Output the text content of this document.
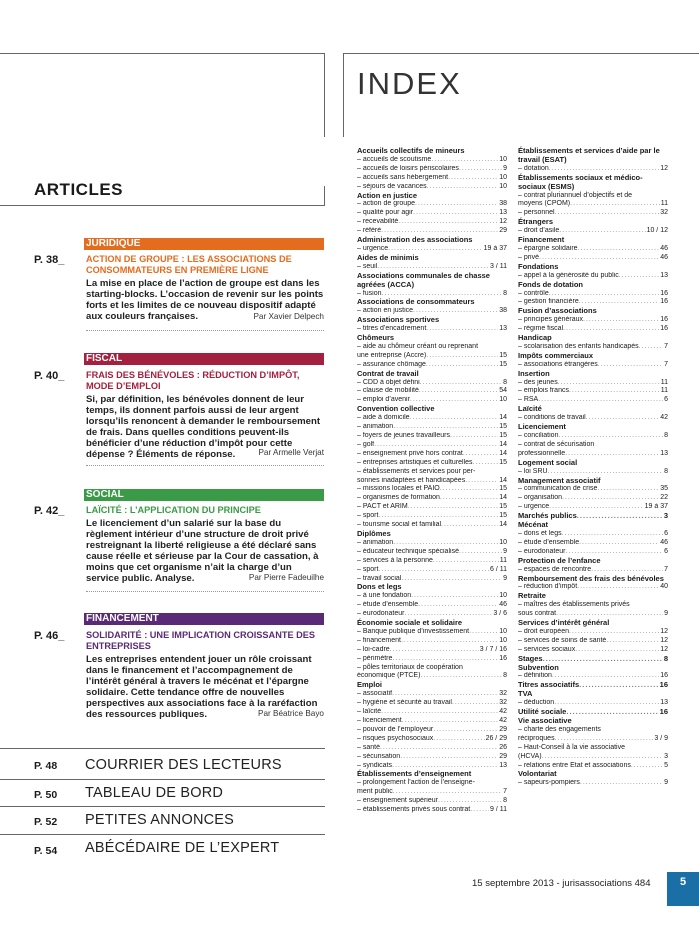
INDEX
ARTICLES
JURIDIQUE
P. 38_ ACTION DE GROUPE : LES ASSOCIATIONS DE CONSOMMATEURS EN PREMIÈRE LIGNE
La mise en place de l’action de groupe est dans les starting-blocks. L’occasion de revenir sur les points forts et les limites de ce nouveau dispositif adapté aux couleurs françaises.	Par Xavier Delpech
FISCAL
P. 40_ FRAIS DES BÉNÉVOLES : RÉDUCTION D’IMPÔT, MODE D’EMPLOI
Si, par définition, les bénévoles donnent de leur temps, ils donnent parfois aussi de leur argent lorsqu’ils renoncent à demander le remboursement de frais. Dans quelles conditions peuvent-ils bénéficier d’une réduction d’impôt pour cette dépense ? Éléments de réponse.	Par Armelle Verjat
SOCIAL
P. 42_ LAÏCITÉ : L’APPLICATION DU PRINCIPE
Le licenciement d’un salarié sur la base du règlement intérieur d’une structure de droit privé restreignant la liberté religieuse a été déclaré sans cause réelle et sérieuse par la Cour de cassation, à moins que cet organisme n’ait la charge d’un service public. Analyse.	Par Pierre Fadeuilhe
FINANCEMENT
P. 46_ SOLIDARITÉ : UNE IMPLICATION CROISSANTE DES ENTREPRISES
Les entreprises entendent jouer un rôle croissant dans le financement et l’accompagnement de l’intérêt général à travers le mécénat et l’épargne solidaire. Cette tendance offre de nouvelles perspectives aux associations face à la raréfaction des ressources publiques.	Par Béatrice Bayo
P. 48 COURRIER DES LECTEURS
P. 50 TABLEAU DE BORD
P. 52 PETITES ANNONCES
P. 54 ABÉCÉDAIRE DE L’EXPERT
Accueils collectifs de mineurs
– accueils de scoutisme .....	10
– accueils de loisirs périscolaires .....	9
– accueils sans hébergement .....	10
– séjours de vacances .....	10
Action en justice
– action de groupe .....	38
– qualité pour agir .....	13
– recevabilité .....	12
– référé .....	29
Administration des associations
– urgence .....	19 à 37
Aides de minimis
– seuil .....	3 / 11
Associations communales de chasse agréées (ACCA)
– fusion .....	8
Associations de consommateurs
– action en justice .....	38
Associations sportives
– titres d’encadrement .....	13
Chômeurs
– aide au chômeur créant ou reprenant
une entreprise (Accre) .....	15
– assurance chômage .....	15
Contrat de travail
– CDD à objet défini .....	8
– clause de mobilité .....	54
– emploi d’avenir .....	10
Convention collective
– aide à domicile .....	14
– animation .....	15
– foyers de jeunes travailleurs .....	15
– golf .....	14
– enseignement privé hors contrat .....	14
– entreprises artistiques et culturelles .....	15
– établissements et services pour per-
sonnes inadaptées et handicapées .....	14
– missions locales et PAIO .....	15
– organismes de formation .....	14
– PACT et ARIM .....	15
– sport .....	15
– tourisme social et familial .....	14
Diplômes
– animation .....	10
– éducateur technique spécialisé .....	9
– services à la personne .....	11
– sport .....	6 / 11
– travail social .....	9
Dons et legs
– à une fondation .....	10
– étude d’ensemble .....	46
– eurodonateur .....	3 / 6
Économie sociale et solidaire
– Banque publique d’investissement .....	10
– financement .....	10
– loi-cadre .....	3 / 7 / 16
– périmètre .....	16
– pôles territoriaux de coopération
économique (PTCE) .....	8
Emploi
– associatif .....	32
– hygiène et sécurité au travail .....	32
– laïcité .....	42
– licenciement .....	42
– pouvoir de l’employeur .....	29
– risques psychosociaux .....	26 / 29
– santé .....	26
– sécurisation .....	29
– syndicats .....	13
Établissements d’enseignement
– prolongement l’action de l’enseigne-
ment public .....	7
– enseignement supérieur .....	8
– établissements privés sous contrat .....	9 / 11
Établissements et services d’aide par le travail (ESAT)
– dotation .....	12
Établissements sociaux et médico-sociaux (ESMS)
– contrat pluriannuel d’objectifs et de
moyens (CPOM) .....	11
– personnel .....	32
Étrangers
– droit d’asile .....	10 / 12
Financement
– épargne solidaire .....	46
– privé .....	46
Fondations
– appel à la générosité du public .....	13
Fonds de dotation
– contrôle .....	16
– gestion financière .....	16
Fusion d’associations
– principes généraux .....	16
– régime fiscal .....	16
Handicap
– scolarisation des enfants handicapés .....	7
Impôts commerciaux
– associations étrangères .....	7
Insertion
– des jeunes .....	11
– emplois francs .....	11
– RSA .....	6
Laïcité
– conditions de travail .....	42
Licenciement
– conciliation .....	8
– contrat de sécurisation
professionnelle .....	13
Logement social
– loi SRU .....	8
Management associatif
– communication de crise .....	35
– organisation .....	22
– urgence .....	19 à 37
Marchés publics .....	3
Mécénat
– dons et legs .....	6
– étude d’ensemble .....	46
– eurodonateur .....	6
Protection de l’enfance
– espaces de rencontre .....	7
Remboursement des frais des bénévoles
– réduction d’impôt .....	40
Retraite
– maîtres des établissements privés
sous contrat .....	9
Services d’intérêt général
– droit européen .....	12
– services de soins de santé .....	12
– services sociaux .....	12
Stages .....	8
Subvention
– définition .....	16
Titres associatifs .....	16
TVA
– déduction .....	13
Utilité sociale .....	16
Vie associative
– charte des engagements
réciproques .....	3 / 9
– Haut-Conseil à la vie associative
(HCVA) .....	3
– relations entre État et associations .....	5
Volontariat
– sapeurs-pompiers .....	9
15 septembre 2013 - jurisassociations 484	5
